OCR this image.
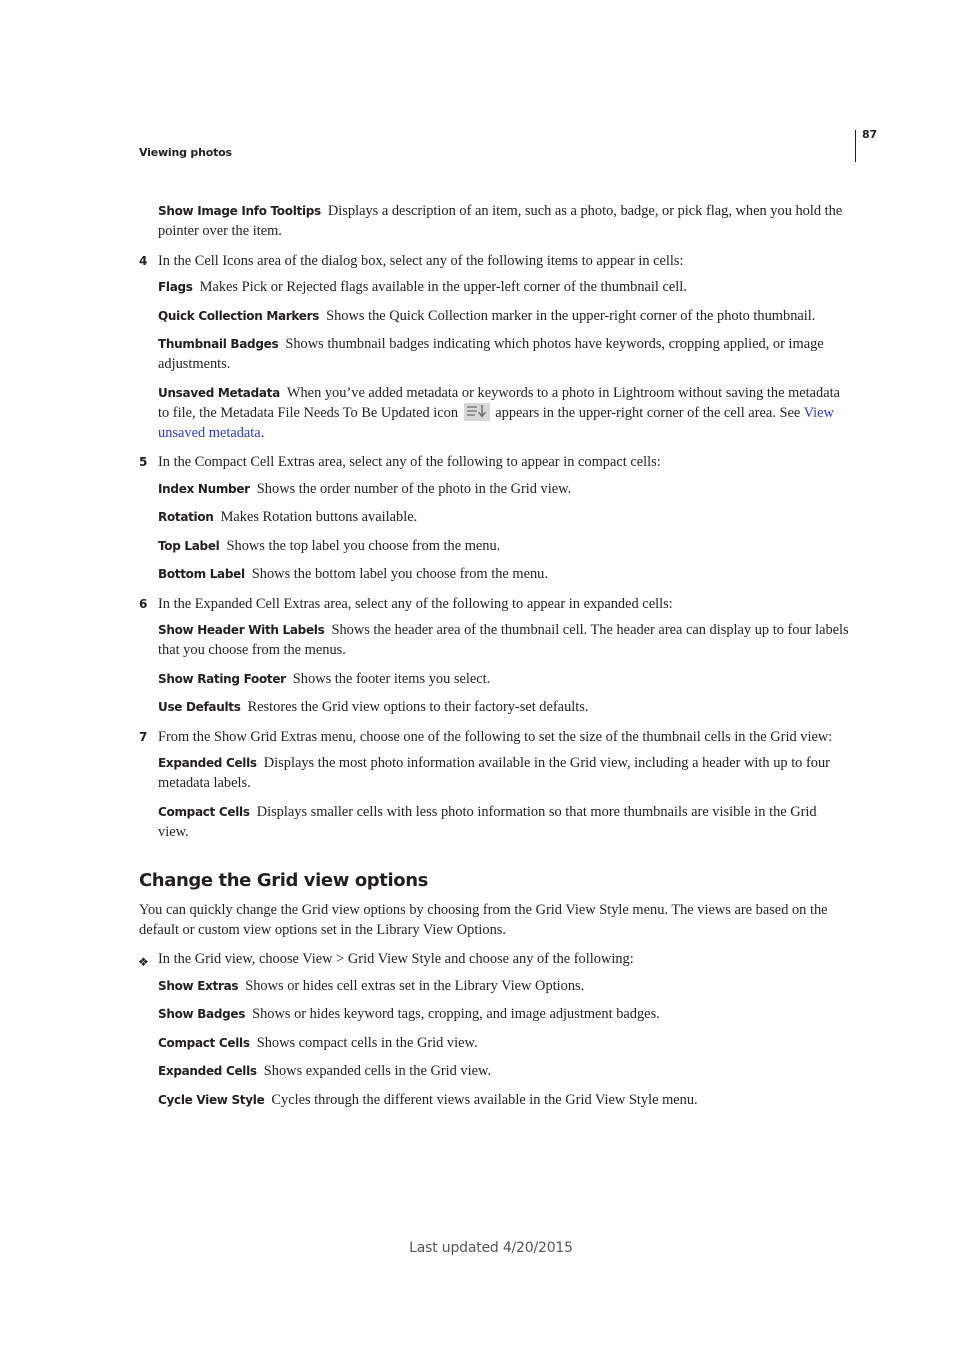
Viewing photos
87
Show Image Info Tooltips Displays a description of an item, such as a photo, badge, or pick flag, when you hold the pointer over the item.
4 In the Cell Icons area of the dialog box, select any of the following items to appear in cells:
Flags Makes Pick or Rejected flags available in the upper-left corner of the thumbnail cell.
Quick Collection Markers Shows the Quick Collection marker in the upper-right corner of the photo thumbnail.
Thumbnail Badges Shows thumbnail badges indicating which photos have keywords, cropping applied, or image adjustments.
Unsaved Metadata When you’ve added metadata or keywords to a photo in Lightroom without saving the metadata to file, the Metadata File Needs To Be Updated icon	appears in the upper-right corner of the cell area. See View unsaved metadata.
5 In the Compact Cell Extras area, select any of the following to appear in compact cells:
Index Number Shows the order number of the photo in the Grid view.
Rotation Makes Rotation buttons available.
Top Label Shows the top label you choose from the menu.
Bottom Label Shows the bottom label you choose from the menu.
6 In the Expanded Cell Extras area, select any of the following to appear in expanded cells:
Show Header With Labels Shows the header area of the thumbnail cell. The header area can display up to four labels that you choose from the menus.
Show Rating Footer Shows the footer items you select.
Use Defaults Restores the Grid view options to their factory-set defaults.
7 From the Show Grid Extras menu, choose one of the following to set the size of the thumbnail cells in the Grid view:
Expanded Cells Displays the most photo information available in the Grid view, including a header with up to four metadata labels.
Compact Cells Displays smaller cells with less photo information so that more thumbnails are visible in the Grid view.
Change the Grid view options
You can quickly change the Grid view options by choosing from the Grid View Style menu. The views are based on the default or custom view options set in the Library View Options.
❖ In the Grid view, choose View > Grid View Style and choose any of the following:
Show Extras Shows or hides cell extras set in the Library View Options.
Show Badges Shows or hides keyword tags, cropping, and image adjustment badges.
Compact Cells Shows compact cells in the Grid view.
Expanded Cells Shows expanded cells in the Grid view.
Cycle View Style Cycles through the different views available in the Grid View Style menu.
Last updated 4/20/2015
